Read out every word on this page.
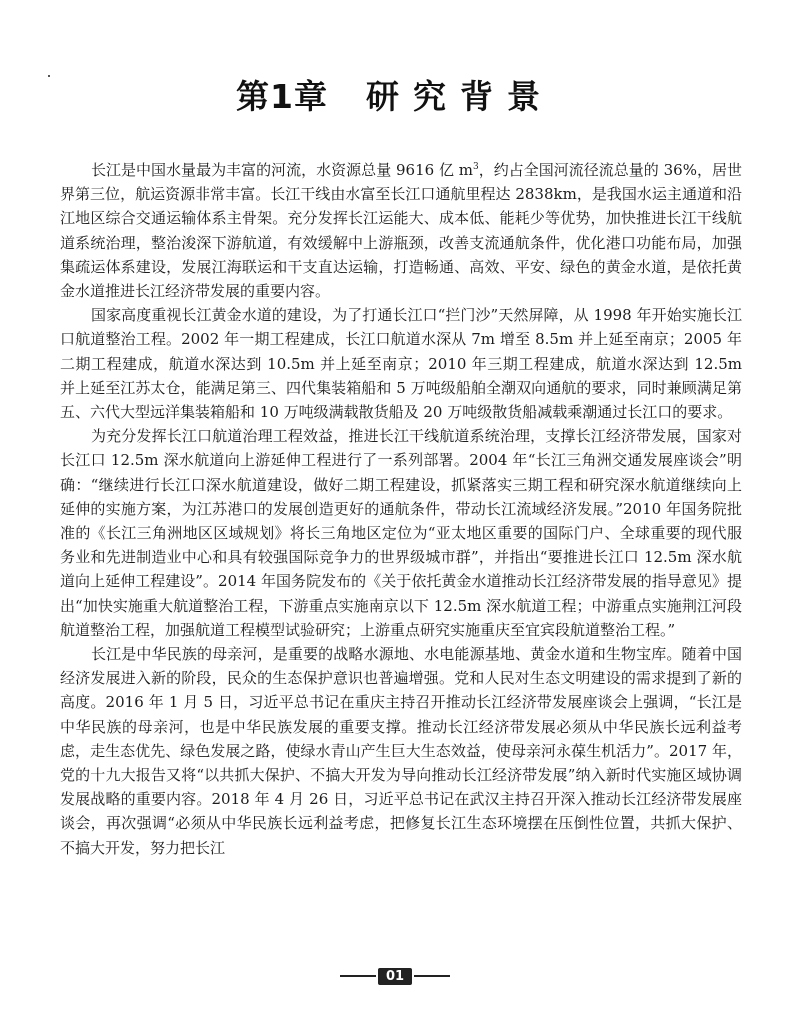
第1章 研究背景

长江是中国水量最为丰富的河流，水资源总量 9616 亿 $m^3$，约占全国河流径流总量的 36%，居世界第三位，航运资源非常丰富。长江干线由水富至长江口通航里程达 2838km，是我国水运主通道和沿江地区综合交通运输体系主骨架。充分发挥长江运能大、成本低、能耗少等优势，加快推进长江干线航道系统治理，整治浚深下游航道，有效缓解中上游瓶颈，改善支流通航条件，优化港口功能布局，加强集疏运体系建设，发展江海联运和干支直达运输，打造畅通、高效、平安、绿色的黄金水道，是依托黄金水道推进长江经济带发展的重要内容。

国家高度重视长江黄金水道的建设，为了打通长江口“拦门沙”天然屏障，从 1998 年开始实施长江口航道整治工程。2002 年一期工程建成，长江口航道水深从 7m 增至 8.5m 并上延至南京；2005 年二期工程建成，航道水深达到 10.5m 并上延至南京；2010 年三期工程建成，航道水深达到 12.5m 并上延至江苏太仓，能满足第三、四代集装箱船和 5 万吨级船舶全潮双向通航的要求，同时兼顾满足第五、六代大型远洋集装箱船和 10 万吨级满载散货船及 20 万吨级散货船减载乘潮通过长江口的要求。

为充分发挥长江口航道治理工程效益，推进长江干线航道系统治理，支撑长江经济带发展，国家对长江口 12.5m 深水航道向上游延伸工程进行了一系列部署。2004 年“长江三角洲交通发展座谈会”明确：“继续进行长江口深水航道建设，做好二期工程建设，抓紧落实三期工程和研究深水航道继续向上延伸的实施方案，为江苏港口的发展创造更好的通航条件，带动长江流域经济发展。”2010 年国务院批准的《长江三角洲地区区域规划》将长三角地区定位为“亚太地区重要的国际门户、全球重要的现代服务业和先进制造业中心和具有较强国际竞争力的世界级城市群”，并指出“要推进长江口 12.5m 深水航道向上延伸工程建设”。2014 年国务院发布的《关于依托黄金水道推动长江经济带发展的指导意见》提出“加快实施重大航道整治工程，下游重点实施南京以下 12.5m 深水航道工程；中游重点实施荆江河段航道整治工程，加强航道工程模型试验研究；上游重点研究实施重庆至宜宾段航道整治工程。”

长江是中华民族的母亲河，是重要的战略水源地、水电能源基地、黄金水道和生物宝库。随着中国经济发展进入新的阶段，民众的生态保护意识也普遍增强。党和人民对生态文明建设的需求提到了新的高度。2016 年 1 月 5 日，习近平总书记在重庆主持召开推动长江经济带发展座谈会上强调，“长江是中华民族的母亲河，也是中华民族发展的重要支撑。推动长江经济带发展必须从中华民族长远利益考虑，走生态优先、绿色发展之路，使绿水青山产生巨大生态效益，使母亲河永葆生机活力”。2017 年，党的十九大报告又将“以共抓大保护、不搞大开发为导向推动长江经济带发展”纳入新时代实施区域协调发展战略的重要内容。2018 年 4 月 26 日，习近平总书记在武汉主持召开深入推动长江经济带发展座谈会，再次强调“必须从中华民族长远利益考虑，把修复长江生态环境摆在压倒性位置，共抓大保护、不搞大开发，努力把长江

01
